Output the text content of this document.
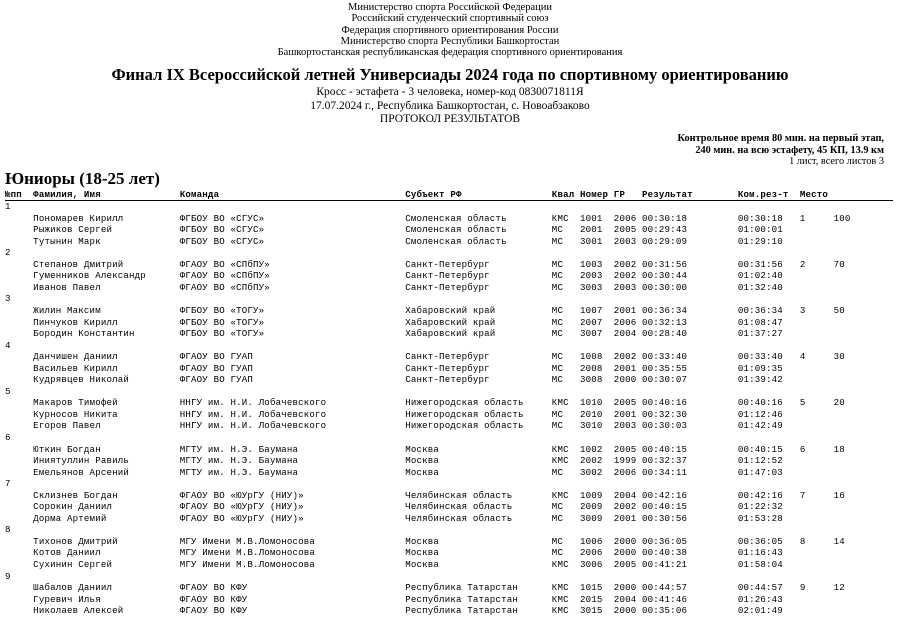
Министерство спорта Российской Федерации
Российский студенческий спортивный союз
Федерация спортивного ориентирования России
Министерство спорта Республики Башкортостан
Башкортостанская республиканская федерация спортивного ориентирования
Финал IX Всероссийской летней Универсиады 2024 года по спортивному ориентированию
Кросс - эстафета - 3 человека, номер-код 0830071811Я
17.07.2024 г., Республика Башкортостан, с. Новоабзаково
ПРОТОКОЛ РЕЗУЛЬТАТОВ
Контрольное время 80 мин. на первый этап,
240 мин. на всю эстафету, 45 КП, 13.9 км
1 лист, всего листов 3
Юниоры (18-25 лет)
№пп  Фамилия, Имя              Команда                                 Субъект РФ                Квал Номер ГР   Результат        Ком.рез-т  Место
1
Пономарев Кирилл          ФГБОУ ВО «СГУС»                         Смоленская область        КМС  1001  2006 00:30:18         00:30:18   1     100
Рыжиков Сергей            ФГБОУ ВО «СГУС»                         Смоленская область        МС   2001  2005 00:29:43         01:00:01
Тутынин Марк              ФГБОУ ВО «СГУС»                         Смоленская область        МС   3001  2003 00:29:09         01:29:10
2
Степанов Дмитрий          ФГАОУ ВО «СПбПУ»                        Санкт-Петербург           МС   1003  2002 00:31:56         00:31:56   2     70
Гуменников Александр      ФГАОУ ВО «СПбПУ»                        Санкт-Петербург           МС   2003  2002 00:30:44         01:02:40
Иванов Павел              ФГАОУ ВО «СПбПУ»                        Санкт-Петербург           МС   3003  2003 00:30:00         01:32:40
3
Жилин Максим              ФГБОУ ВО «ТОГУ»                         Хабаровский край          МС   1007  2001 00:36:34         00:36:34   3     50
Пинчуков Кирилл           ФГБОУ ВО «ТОГУ»                         Хабаровский край          МС   2007  2006 00:32:13         01:08:47
Бородин Константин        ФГБОУ ВО «ТОГУ»                         Хабаровский край          МС   3007  2004 00:28:40         01:37:27
4
Данчишен Даниил           ФГАОУ ВО ГУАП                           Санкт-Петербург           МС   1008  2002 00:33:40         00:33:40   4     30
Васильев Кирилл           ФГАОУ ВО ГУАП                           Санкт-Петербург           МС   2008  2001 00:35:55         01:09:35
Кудрявцев Николай         ФГАОУ ВО ГУАП                           Санкт-Петербург           МС   3008  2000 00:30:07         01:39:42
5
Макаров Тимофей           ННГУ им. Н.И. Лобачевского              Нижегородская область     КМС  1010  2005 00:40:16         00:40:16   5     20
Курносов Никита           ННГУ им. Н.И. Лобачевского              Нижегородская область     МС   2010  2001 00:32:30         01:12:46
Егоров Павел              ННГУ им. Н.И. Лобачевского              Нижегородская область     МС   3010  2003 00:30:03         01:42:49
6
Юткин Богдан              МГТУ им. Н.Э. Баумана                   Москва                    КМС  1002  2005 00:40:15         00:40:15   6     18
Иниятуллин Равиль         МГТУ им. Н.Э. Баумана                   Москва                    КМС  2002  1999 00:32:37         01:12:52
Емельянов Арсений         МГТУ им. Н.Э. Баумана                   Москва                    МС   3002  2006 00:34:11         01:47:03
7
Склизнев Богдан           ФГАОУ ВО «ЮУрГУ (НИУ)»                  Челябинская область       КМС  1009  2004 00:42:16         00:42:16   7     16
Сорокин Даниил            ФГАОУ ВО «ЮУрГУ (НИУ)»                  Челябинская область       МС   2009  2002 00:40:15         01:22:32
Дорма Артемий             ФГАОУ ВО «ЮУрГУ (НИУ)»                  Челябинская область       МС   3009  2001 00:30:56         01:53:28
8
Тихонов Дмитрий           МГУ Имени М.В.Ломоносова                Москва                    МС   1006  2000 00:36:05         00:36:05   8     14
Котов Даниил              МГУ Имени М.В.Ломоносова                Москва                    МС   2006  2000 00:40:38         01:16:43
Сухинин Сергей            МГУ Имени М.В.Ломоносова                Москва                    КМС  3006  2005 00:41:21         01:58:04
9
Шабалов Даниил            ФГАОУ ВО КФУ                            Республика Татарстан      КМС  1015  2000 00:44:57         00:44:57   9     12
Гуревич Илья              ФГАОУ ВО КФУ                            Республика Татарстан      КМС  2015  2004 00:41:46         01:26:43
Николаев Алексей          ФГАОУ ВО КФУ                            Республика Татарстан      КМС  3015  2000 00:35:06         02:01:49
